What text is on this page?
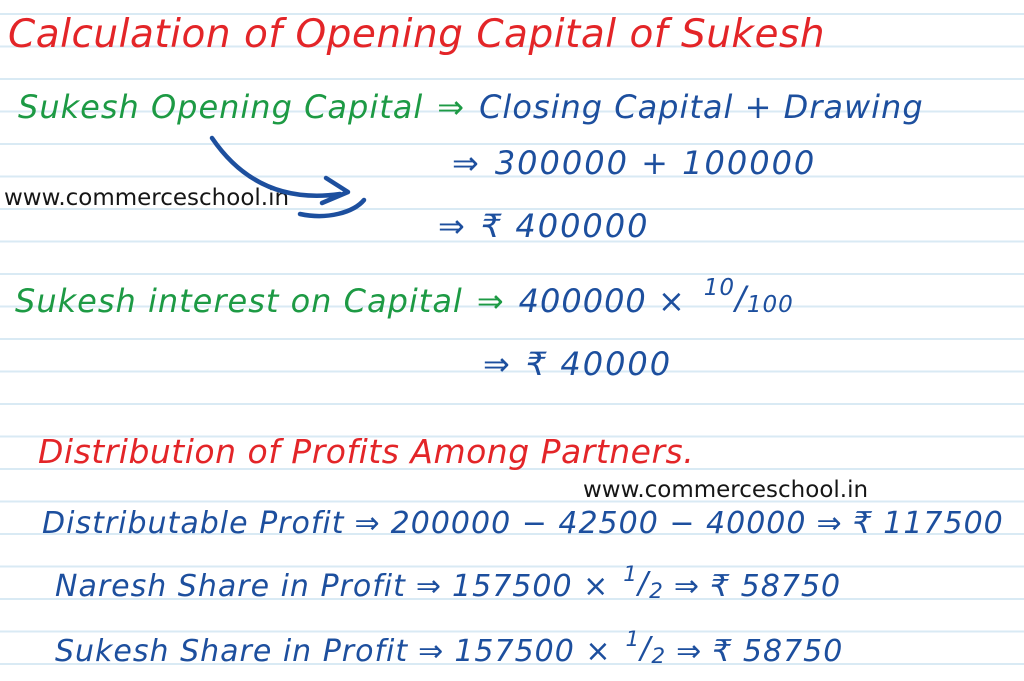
Calculation of Opening Capital of Sukesh
Sukesh Opening Capital ⇒ Closing Capital + Drawing
⇒ 300000 + 100000
www.commerceschool.in
⇒ ₹ 400000
Sukesh interest on Capital ⇒ 400000 × 10 / 100
⇒ ₹ 40000
Distribution of Profits Among Partners.
www.commerceschool.in
Distributable Profit ⇒ 200000 − 42500 − 40000 ⇒ ₹ 117500
Naresh Share in Profit ⇒ 157500 × 1 / 2 ⇒ ₹ 58750
Sukesh Share in Profit ⇒ 157500 × 1 / 2 ⇒ ₹ 58750
